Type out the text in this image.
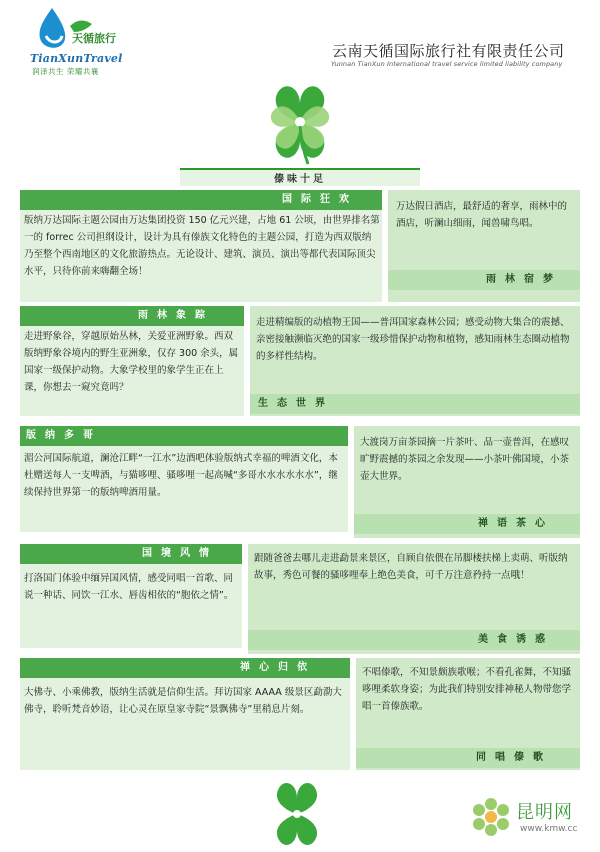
天循旅行
TianXunTravel
润泽共生 荣耀共襄
云南天循国际旅行社有限责任公司
Yunnan TianXun International travel service limited liability company
傣味十足
国际狂欢
版纳万达国际主题公园由万达集团投资 150 亿元兴建，占地 61 公顷，由世界排名第一的 forrec 公司担纲设计，设计为具有傣族文化特色的主题公园，打造为西双版纳乃至整个西南地区的文化旅游热点。无论设计、建筑、演员、演出等都代表国际顶尖水平，只待你前来嗨翻全场！
万达假日酒店，最舒适的奢享，雨林中的酒店，听澜山细雨，闻兽啸鸟唱。
雨林宿梦
雨林象踪
走进野象谷，穿越原始丛林，关爱亚洲野象。西双版纳野象谷境内的野生亚洲象，仅存 300 余头，属国家一级保护动物。大象学校里的象学生正在上课，你想去一窥究竟吗？
走进精编版的动植物王国——普洱国家森林公园；感受动物大集合的震撼、亲密接触濒临灭绝的国家一级珍惜保护动物和植物，感知雨林生态圈动植物的多样性结构。
生态世界
版纳多哥
湄公河国际航道，澜沧江畔“一江水”边酒吧体验版纳式幸福的啤酒文化，本杜赠送每人一支啤酒，与猫哆哩、骚哆哩一起高喊“多哥水水水水水水”，继续保持世界第一的版纳啤酒用量。
大渡岗万亩茶园摘一片茶叶、品一壶普洱，在感叹旷野震撼的茶园之余发现——小茶叶佛国境，小茶壶大世界。
禅语茶心
国境风情
打洛国门体验中缅异国风情，感受同唱一首歌、同说一种话、同饮一江水、唇齿相依的“胞依之情”。
跟随爸爸去哪儿走进勐景来景区，自顾自依偎在吊脚楼扶梯上卖萌、听版纳故事，秀色可餐的骚哆哩奉上绝色美食，可千万注意矜持一点哦！
美食诱惑
禅心归依
大佛寺、小乘佛教，版纳生活就是信仰生活。拜访国家 AAAA 级景区勐泐大佛寺，聆听梵音妙语，让心灵在原皇家寺院“景飘佛寺”里稍息片刻。
不唱傣歌，不知景颇族歌喉；不看孔雀舞，不知骚哆哩柔软身姿；为此我们特别安排神秘人物带您学唱一首傣族歌。
同唱傣歌
昆明网
www.kmw.cc
